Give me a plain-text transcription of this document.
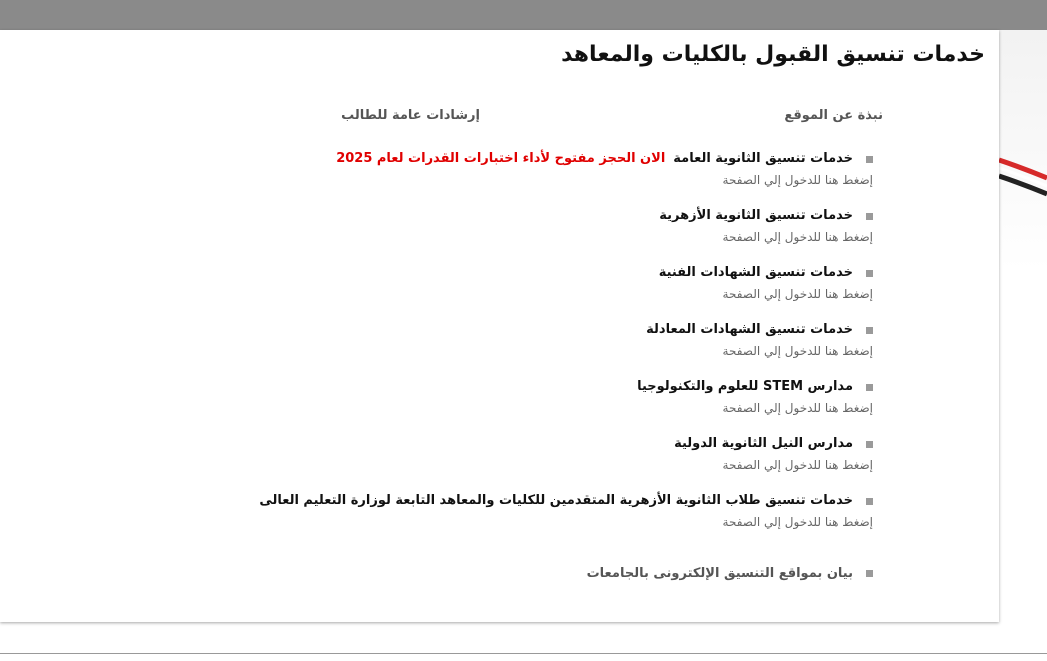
خدمات تنسيق القبول بالكليات والمعاهد
نبذة عن الموقع
إرشادات عامة للطالب
خدمات تنسيق الثانوية العامةالان الحجز مفتوح لأداء اختبارات القدرات لعام 2025
إضغط هنا للدخول إلي الصفحة
خدمات تنسيق الثانوية الأزهرية
إضغط هنا للدخول إلي الصفحة
خدمات تنسيق الشهادات الفنية
إضغط هنا للدخول إلي الصفحة
خدمات تنسيق الشهادات المعادلة
إضغط هنا للدخول إلي الصفحة
مدارس STEM للعلوم والتكنولوجيا
إضغط هنا للدخول إلي الصفحة
مدارس النيل الثانوية الدولية
إضغط هنا للدخول إلي الصفحة
خدمات تنسيق طلاب الثانوية الأزهرية المتقدمين للكليات والمعاهد التابعة لوزارة التعليم العالى
إضغط هنا للدخول إلي الصفحة
بيان بمواقع التنسيق الإلكترونى بالجامعات
